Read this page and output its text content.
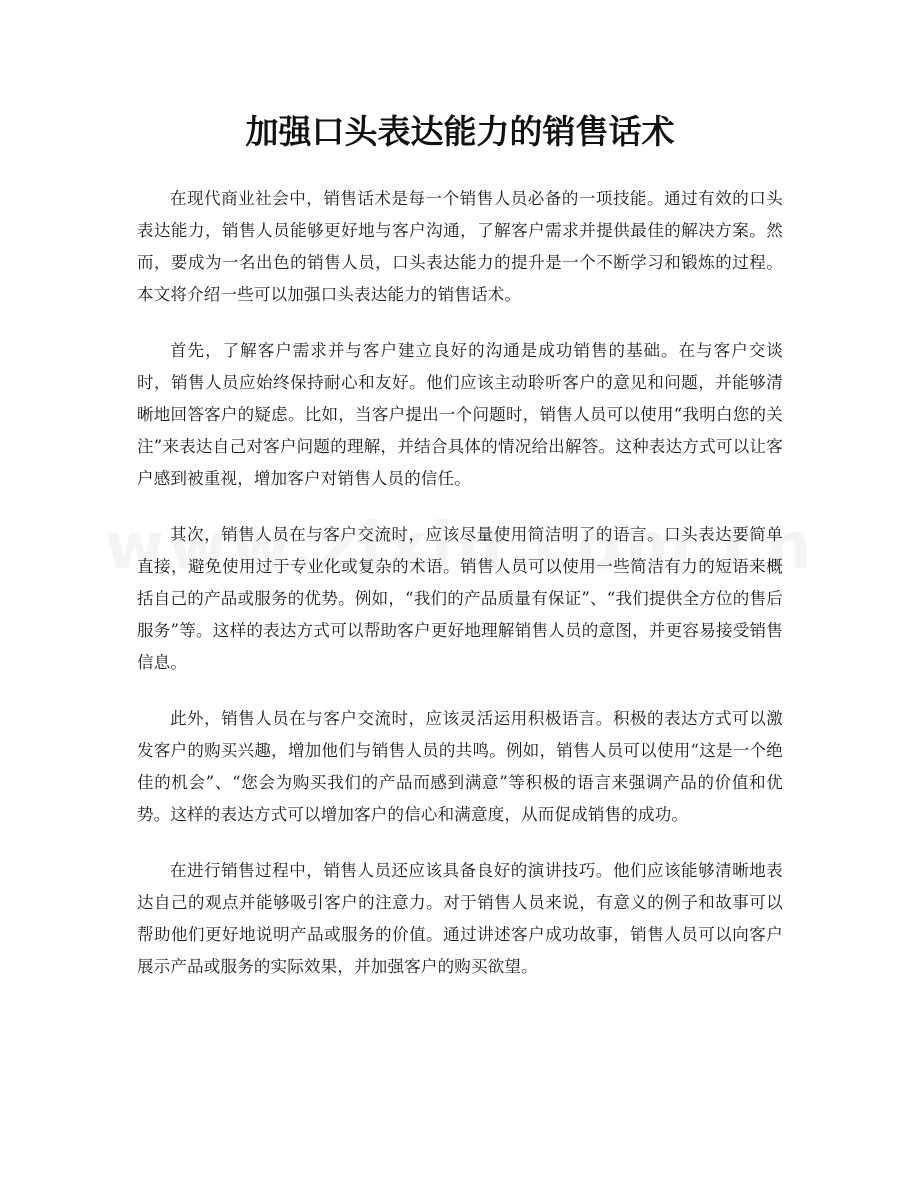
加强口头表达能力的销售话术

在现代商业社会中，销售话术是每一个销售人员必备的一项技能。通过有效的口头表达能力，销售人员能够更好地与客户沟通，了解客户需求并提供最佳的解决方案。然而，要成为一名出色的销售人员，口头表达能力的提升是一个不断学习和锻炼的过程。本文将介绍一些可以加强口头表达能力的销售话术。

首先，了解客户需求并与客户建立良好的沟通是成功销售的基础。在与客户交谈时，销售人员应始终保持耐心和友好。他们应该主动聆听客户的意见和问题，并能够清晰地回答客户的疑虑。比如，当客户提出一个问题时，销售人员可以使用“我明白您的关注”来表达自己对客户问题的理解，并结合具体的情况给出解答。这种表达方式可以让客户感到被重视，增加客户对销售人员的信任。

其次，销售人员在与客户交流时，应该尽量使用简洁明了的语言。口头表达要简单直接，避免使用过于专业化或复杂的术语。销售人员可以使用一些简洁有力的短语来概括自己的产品或服务的优势。例如，“我们的产品质量有保证”、“我们提供全方位的售后服务”等。这样的表达方式可以帮助客户更好地理解销售人员的意图，并更容易接受销售信息。

此外，销售人员在与客户交流时，应该灵活运用积极语言。积极的表达方式可以激发客户的购买兴趣，增加他们与销售人员的共鸣。例如，销售人员可以使用“这是一个绝佳的机会”、“您会为购买我们的产品而感到满意”等积极的语言来强调产品的价值和优势。这样的表达方式可以增加客户的信心和满意度，从而促成销售的成功。

在进行销售过程中，销售人员还应该具备良好的演讲技巧。他们应该能够清晰地表达自己的观点并能够吸引客户的注意力。对于销售人员来说，有意义的例子和故事可以帮助他们更好地说明产品或服务的价值。通过讲述客户成功故事，销售人员可以向客户展示产品或服务的实际效果，并加强客户的购买欲望。
